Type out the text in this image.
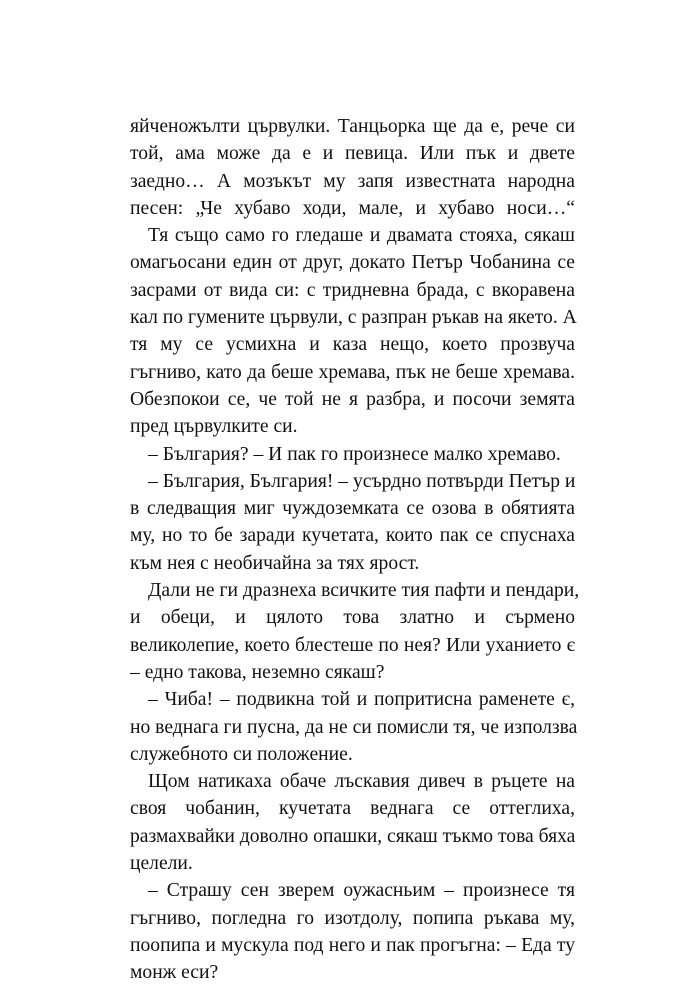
яйченожълти цървулки. Танцьорка ще да е, рече си
той, ама може да е и певица. Или пък и двете
заедно… А мозъкът му запя известната народна
песен: „Че хубаво ходи, мале, и хубаво носи…“
Тя също само го гледаше и двамата стояха, сякаш
омагьосани един от друг, докато Петър Чобанина се
засрами от вида си: с тридневна брада, с вкоравена
кал по гумените цървули, с разпран ръкав на якето. А
тя му се усмихна и каза нещо, което прозвуча
гъгниво, като да беше хремава, пък не беше хремава.
Обезпокои се, че той не я разбра, и посочи земята
пред цървулките си.
– България? – И пак го произнесе малко хремаво.
– България, България! – усърдно потвърди Петър и
в следващия миг чуждоземката се озова в обятията
му, но то бе заради кучетата, които пак се спуснаха
към нея с необичайна за тях ярост.
Дали не ги дразнеха всичките тия пафти и пендари,
и обеци, и цялото това златно и сърмено
великолепие, което блестеше по нея? Или уханието є
– едно такова, неземно сякаш?
– Чиба! – подвикна той и попритисна раменете є,
но веднага ги пусна, да не си помисли тя, че използва
служебното си положение.
Щом натикаха обаче лъскавия дивеч в ръцете на
своя чобанин, кучетата веднага се оттеглиха,
размахвайки доволно опашки, сякаш тъкмо това бяха
целели.
– Страшу сен зверем оужасньим – произнесе тя
гъгниво, погледна го изотдолу, попипа ръкава му,
поопипа и мускула под него и пак прогъгна: – Еда ту
монж еси?
